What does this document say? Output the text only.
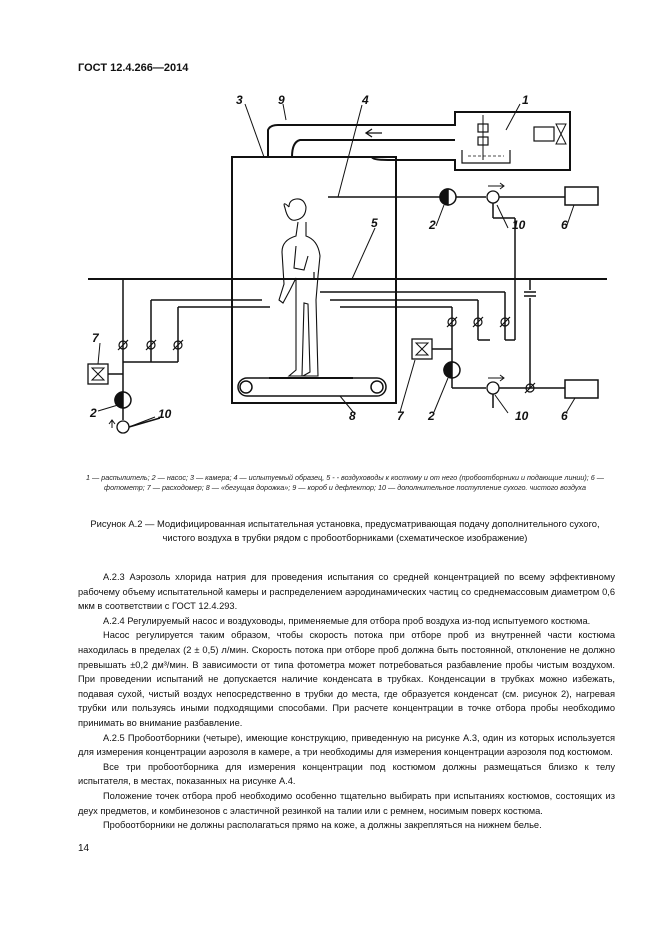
ГОСТ 12.4.266—2014
3	9	4	1
5	2	10	6
7
2	10	8	7 2	10	6
1 — распылитель; 2 — насос; 3 — камера; 4 — испытуемый образец, 5 - - воздуховоды к костюму и от него (пробоотборники и подающие линии); 6 — фотометр; 7 — расходомер; 8 — «бегущая дорожка»; 9 — короб и дефлектор; 10 — дополнительное поступление сухого. чистого воздуха
Рисунок А.2 — Модифицированная испытательная установка, предусматривающая подачу дополнительного сухого, чистого воздуха в трубки рядом с пробоотборниками (схематическое изображение)

А.2.3 Аэрозоль хлорида натрия для проведения испытания со средней концентрацией по всему эффективному рабочему объему испытательной камеры и распределением аэродинамических частиц со среднемассовым диаметром 0,6 мкм в соответствии с ГОСТ 12.4.293.

А.2.4 Регулируемый насос и воздуховоды, применяемые для отбора проб воздуха из-под испытуемого костюма.

Насос регулируется таким образом, чтобы скорость потока при отборе проб из внутренней части костюма находилась в пределах (2 ± 0,5) л/мин. Скорость потока при отборе проб должна быть постоянной, отклонение не должно превышать ±0,2 дм³/мин. В зависимости от типа фотометра может потребоваться разбавление пробы чистым воздухом. При проведении испытаний не допускается наличие конденсата в трубках. Конденсации в трубках можно избежать, подавая сухой, чистый воздух непосредственно в трубки до места, где образуется конденсат (см. рисунок 2), нагревая трубки или пользуясь иными подходящими способами. При расчете концентрации в точке отбора пробы необходимо принимать во внимание разбавление.

А.2.5 Пробоотборники (четыре), имеющие конструкцию, приведенную на рисунке А.3, один из которых используется для измерения концентрации аэрозоля в камере, а три необходимы для измерения концентрации аэрозоля под костюмом.

Все три пробоотборника для измерения концентрации под костюмом должны размещаться близко к телу испытателя, в местах, показанных на рисунке А.4.

Положение точек отбора проб необходимо особенно тщательно выбирать при испытаниях костюмов, состоящих из деух предметов, и комбинезонов с эластичной резинкой на талии или с ремнем, носимым поверх костюма.

Пробоотборники не должны располагаться прямо на коже, а должны закрепляться на нижнем белье.

14
